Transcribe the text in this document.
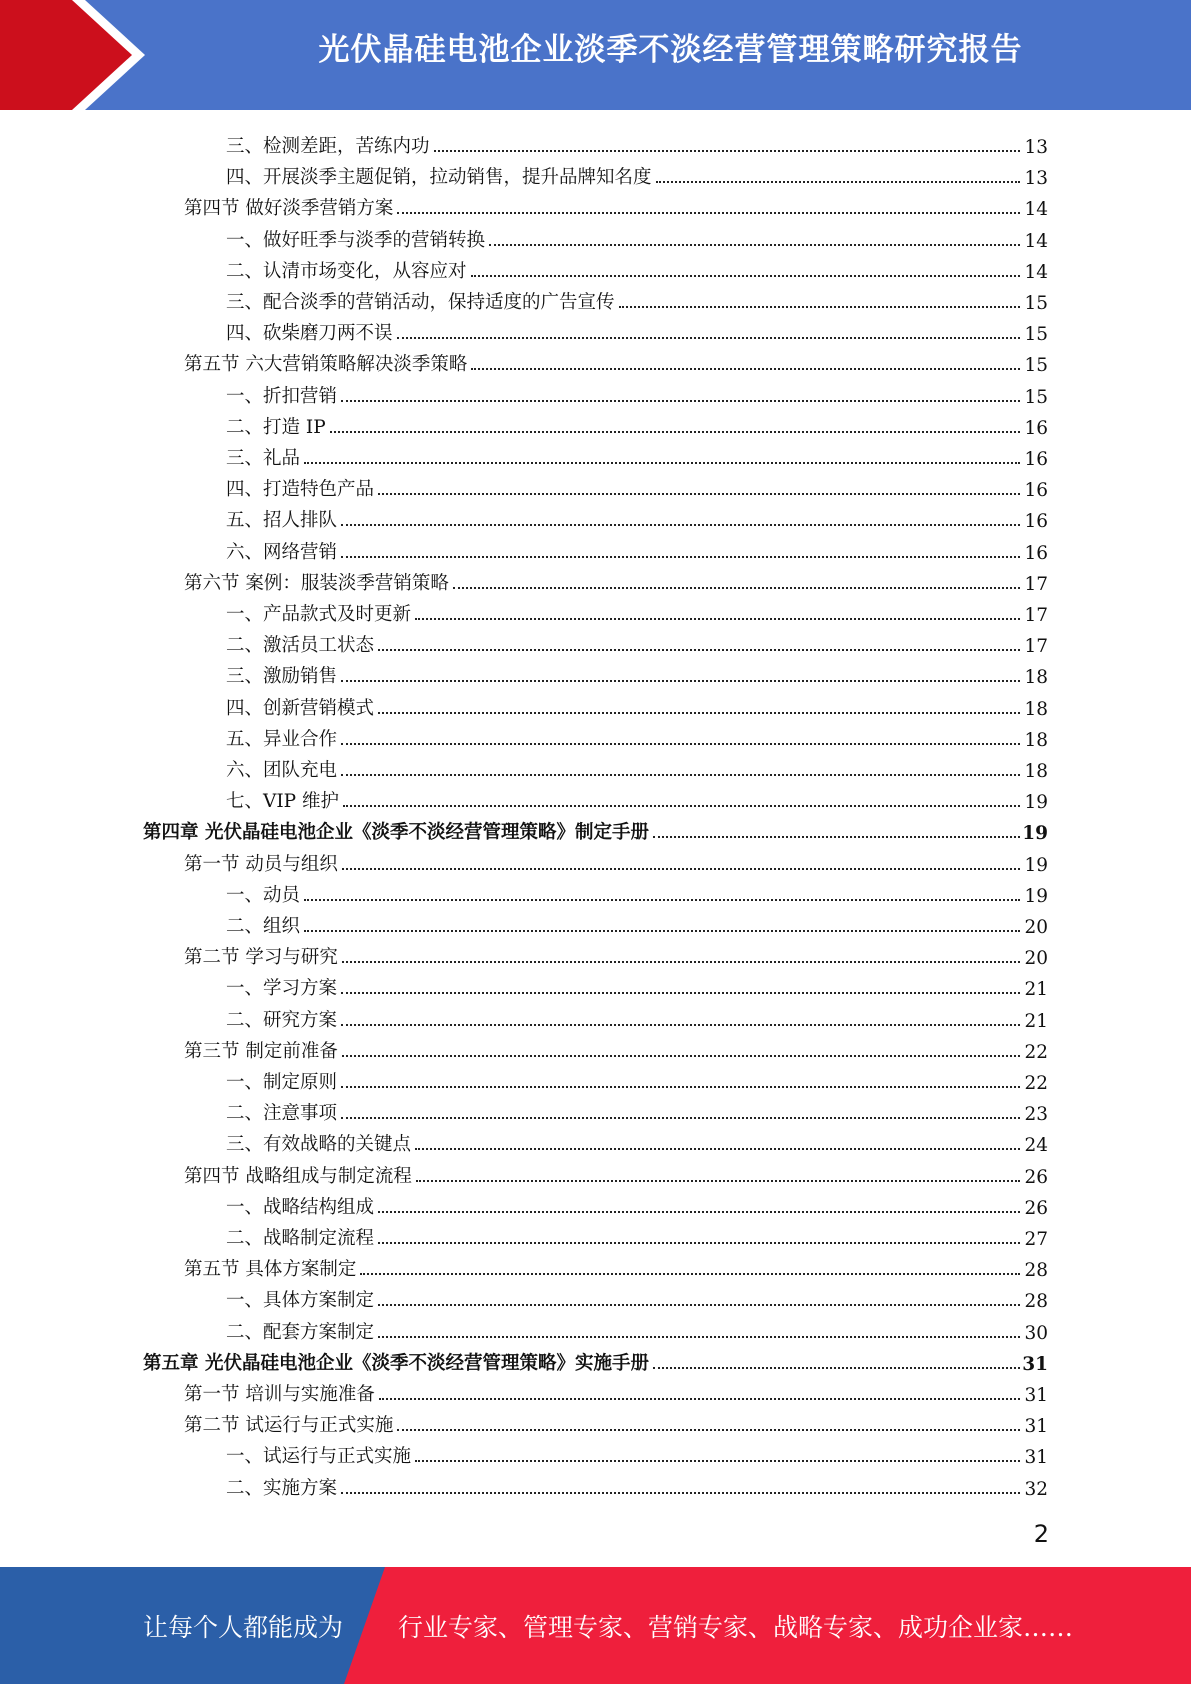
光伏晶硅电池企业淡季不淡经营管理策略研究报告
三、检测差距，苦练内功	13
四、开展淡季主题促销，拉动销售，提升品牌知名度	13
第四节 做好淡季营销方案	14
一、做好旺季与淡季的营销转换	14
二、认清市场变化，从容应对	14
三、配合淡季的营销活动，保持适度的广告宣传	15
四、砍柴磨刀两不误	15
第五节 六大营销策略解决淡季策略	15
一、折扣营销	15
二、打造 IP	16
三、礼品	16
四、打造特色产品	16
五、招人排队	16
六、网络营销	16
第六节 案例：服装淡季营销策略	17
一、产品款式及时更新	17
二、激活员工状态	17
三、激励销售	18
四、创新营销模式	18
五、异业合作	18
六、团队充电	18
七、VIP 维护	19
第四章 光伏晶硅电池企业《淡季不淡经营管理策略》制定手册	19
第一节 动员与组织	19
一、动员	19
二、组织	20
第二节 学习与研究	20
一、学习方案	21
二、研究方案	21
第三节 制定前准备	22
一、制定原则	22
二、注意事项	23
三、有效战略的关键点	24
第四节 战略组成与制定流程	26
一、战略结构组成	26
二、战略制定流程	27
第五节 具体方案制定	28
一、具体方案制定	28
二、配套方案制定	30
第五章 光伏晶硅电池企业《淡季不淡经营管理策略》实施手册	31
第一节 培训与实施准备	31
第二节 试运行与正式实施	31
一、试运行与正式实施	31
二、实施方案	32
2
让每个人都能成为 行业专家、管理专家、营销专家、战略专家、成功企业家……
